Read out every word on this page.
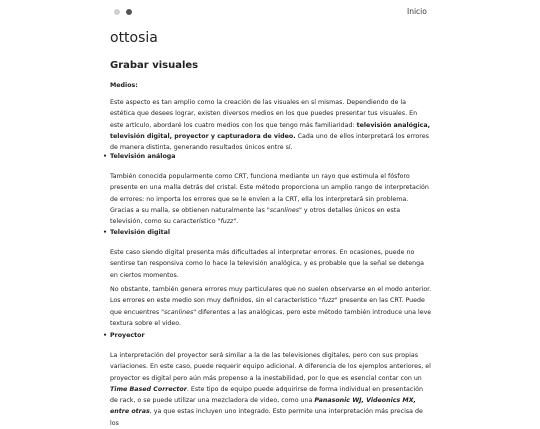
Inicio
ottosia
Grabar visuales
Medios:

Este aspecto es tan amplio como la creación de las visuales en sí mismas. Dependiendo de la estética que desees lograr, existen diversos medios en los que puedes presentar tus visuales. En este artículo, abordaré los cuatro medios con los que tengo más familiaridad: televisión analógica, televisión digital, proyector y capturadora de video. Cada uno de ellos interpretará los errores de manera distinta, generando resultados únicos entre sí.

• Televisión análoga

También conocida popularmente como CRT, funciona mediante un rayo que estimula el fósforo presente en una malla detrás del cristal. Este método proporciona un amplio rango de interpretación de errores: no importa los errores que se le envíen a la CRT, ella los interpretará sin problema. Gracias a su malla, se obtienen naturalmente las "scanlines" y otros detalles únicos en esta televisión, como su característico "fuzz".

• Televisión digital

Este caso siendo digital presenta más dificultades al interpretar errores. En ocasiones, puede no sentirse tan responsiva como lo hace la televisión analógica, y es probable que la señal se detenga en ciertos momentos.

No obstante, también genera errores muy particulares que no suelen observarse en el modo anterior. Los errores en este medio son muy definidos, sin el característico "fuzz" presente en las CRT. Puede que encuentres "scanlines" diferentes a las analógicas, pero este método también introduce una leve textura sobre el video.

• Proyector

La interpretación del proyector será similar a la de las televisiones digitales, pero con sus propias variaciones. En este caso, puede requerir equipo adicional. A diferencia de los ejemplos anteriores, el proyector es digital pero aún más propenso a la inestabilidad, por lo que es esencial contar con un Time Based Corrector. Este tipo de equipo puede adquirirse de forma individual en presentación de rack, o se puede utilizar una mezcladora de video, como una Panasonic WJ, Videonics MX, entre otras, ya que estas incluyen uno integrado. Esto permite una interpretación más precisa de los
